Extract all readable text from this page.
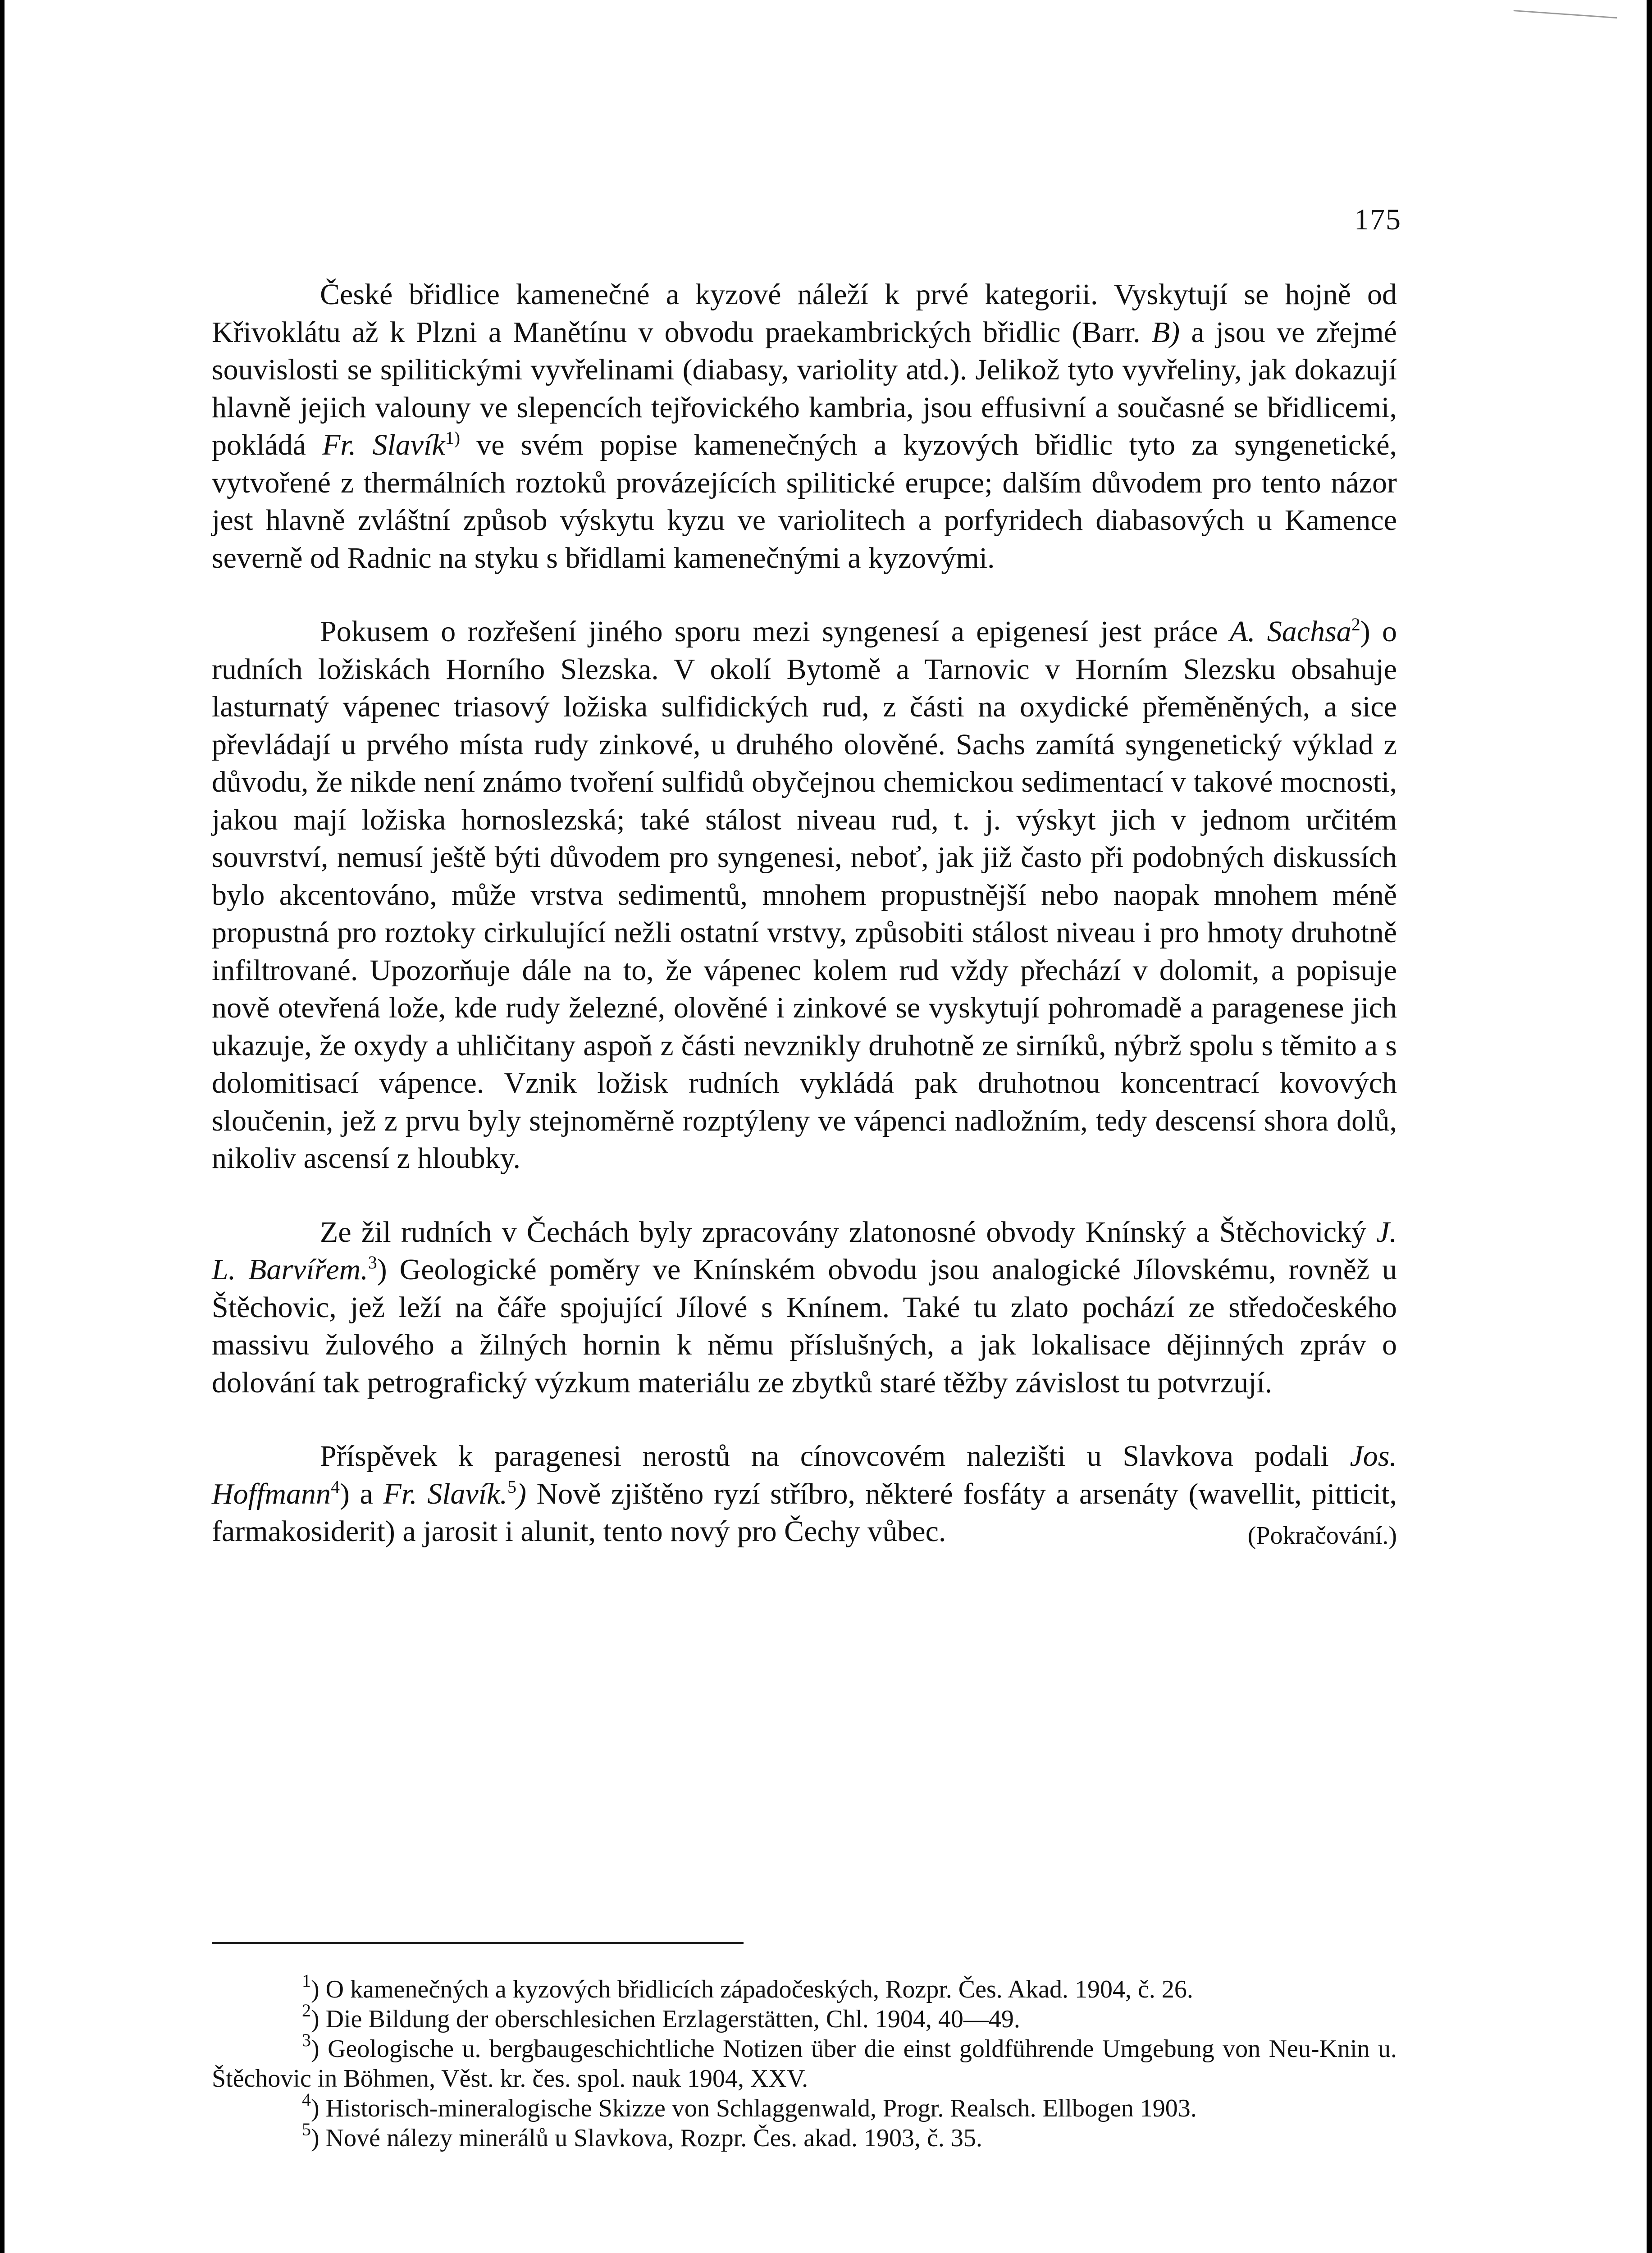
175

České břidlice kamenečné a kyzové náleží k prvé kategorii. Vyskytují se hojně od Křivoklátu až k Plzni a Manětínu v obvodu praekambrických břidlic (Barr. B) a jsou ve zřejmé souvislosti se spilitickými vyvřelinami (diabasy, variolity atd.). Jelikož tyto vyvřeliny, jak dokazují hlavně jejich valouny ve slepencích tejřovického kambria, jsou effusivní a současné se břidlicemi, pokládá Fr. Slavík$^{1)}$ ve svém popise kamenečných a kyzových břidlic tyto za syngenetické, vytvořené z thermálních roztoků provázejících spilitické erupce; dalším důvodem pro tento názor jest hlavně zvláštní způsob výskytu kyzu ve variolitech a porfyridech diabasových u Kamence severně od Radnic na styku s břidlami kamenečnými a kyzovými.

Pokusem o rozřešení jiného sporu mezi syngenesí a epigenesí jest práce A. Sachsa$^2$) o rudních ložiskách Horního Slezska. V okolí Bytomě a Tarnovic v Horním Slezsku obsahuje lasturnatý vápenec triasový ložiska sulfidických rud, z části na oxydické přeměněných, a sice převládají u prvého místa rudy zinkové, u druhého olověné. Sachs zamítá syngenetický výklad z důvodu, že nikde není známo tvoření sulfidů obyčejnou chemickou sedimentací v takové mocnosti, jakou mají ložiska hornoslezská; také stálost niveau rud, t. j. výskyt jich v jednom určitém souvrství, nemusí ještě býti důvodem pro syngenesi, neboť, jak již často při podobných diskussích bylo akcentováno, může vrstva sedimentů, mnohem propustnější nebo naopak mnohem méně propustná pro roztoky cirkulující nežli ostatní vrstvy, způsobiti stálost niveau i pro hmoty druhotně infiltrované. Upozorňuje dále na to, že vápenec kolem rud vždy přechází v dolomit, a popisuje nově otevřená lože, kde rudy železné, olověné i zinkové se vyskytují pohromadě a paragenese jich ukazuje, že oxydy a uhličitany aspoň z části nevznikly druhotně ze sirníků, nýbrž spolu s těmito a s dolomitisací vápence. Vznik ložisk rudních vykládá pak druhotnou koncentrací kovových sloučenin, jež z prvu byly stejnoměrně rozptýleny ve vápenci nadložním, tedy descensí shora dolů, nikoliv ascensí z hloubky.

Ze žil rudních v Čechách byly zpracovány zlatonosné obvody Knínský a Štěchovický J. L. Barvířem.$^3$) Geologické poměry ve Knínském obvodu jsou analogické Jílovskému, rovněž u Štěchovic, jež leží na čáře spojující Jílové s Knínem. Také tu zlato pochází ze středočeského massivu žulového a žilných hornin k němu příslušných, a jak lokalisace dějinných zpráv o dolování tak petrografický výzkum materiálu ze zbytků staré těžby závislost tu potvrzují.

Příspěvek k paragenesi nerostů na cínovcovém nalezišti u Slavkova podali Jos. Hoffmann$^4$) a Fr. Slavík.$^5$) Nově zjištěno ryzí stříbro, některé fosfáty a arsenáty (wavellit, pitticit, farmakosiderit) a jarosit i alunit, tento nový pro Čechy vůbec.	(Pokračování.)

$^1$) O kamenečných a kyzových břidlicích západočeských, Rozpr. Čes. Akad. 1904, č. 26.

$^2$) Die Bildung der oberschlesichen Erzlagerstätten, Chl. 1904, 40—49.

$^3$) Geologische u. bergbaugeschichtliche Notizen über die einst goldführende Umgebung von Neu-Knin u. Štěchovic in Böhmen, Věst. kr. čes. spol. nauk 1904, XXV.

$^4$) Historisch-mineralogische Skizze von Schlaggenwald, Progr. Realsch. Ellbogen 1903.

$^5$) Nové nálezy minerálů u Slavkova, Rozpr. Čes. akad. 1903, č. 35.
